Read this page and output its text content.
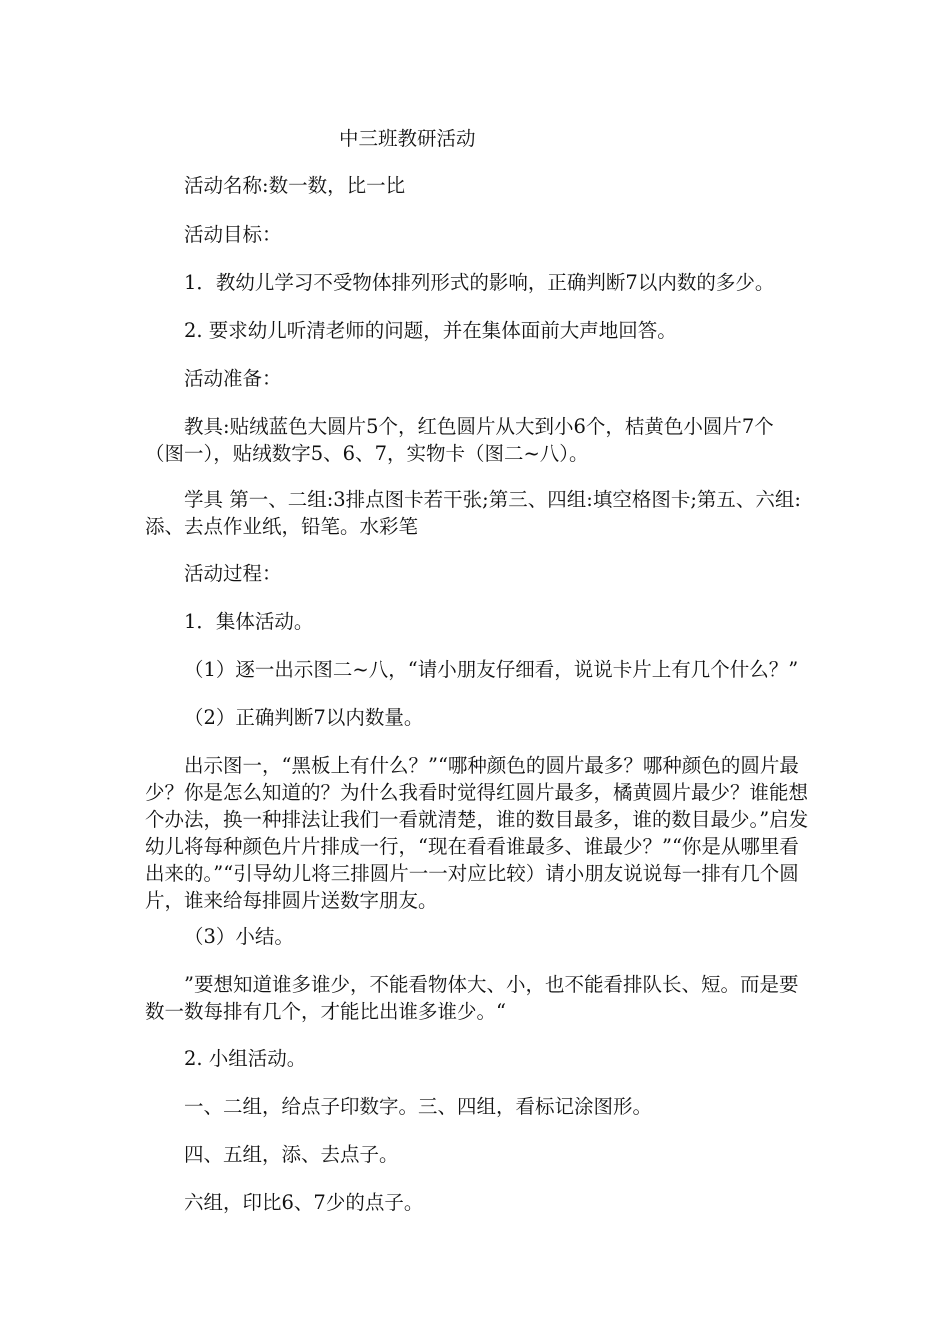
中三班教研活动

活动名称:数一数，比一比

活动目标：

1．教幼儿学习不受物体排列形式的影响，正确判断7以内数的多少。

2. 要求幼儿听清老师的问题，并在集体面前大声地回答。

活动准备：

教具:贴绒蓝色大圆片5个，红色圆片从大到小6个，桔黄色小圆片7个（图一），贴绒数字5、6、7，实物卡（图二~八）。

学具 第一、二组:3排点图卡若干张;第三、四组:填空格图卡;第五、六组:添、去点作业纸，铅笔。水彩笔

活动过程：

1．集体活动。

（1）逐一出示图二~八，“请小朋友仔细看，说说卡片上有几个什么？”

（2）正确判断7以内数量。

出示图一，“黑板上有什么？”“哪种颜色的圆片最多？哪种颜色的圆片最少？你是怎么知道的？为什么我看时觉得红圆片最多，橘黄圆片最少？谁能想个办法，换一种排法让我们一看就清楚，谁的数目最多，谁的数目最少。”启发幼儿将每种颜色片片排成一行，“现在看看谁最多、谁最少？”“你是从哪里看出来的。”“引导幼儿将三排圆片一一对应比较）请小朋友说说每一排有几个圆片，谁来给每排圆片送数字朋友。

（3）小结。

”要想知道谁多谁少，不能看物体大、小，也不能看排队长、短。而是要数一数每排有几个，才能比出谁多谁少。“

2. 小组活动。

一、二组，给点子印数字。三、四组，看标记涂图形。

四、五组，添、去点子。

六组，印比6、7少的点子。
